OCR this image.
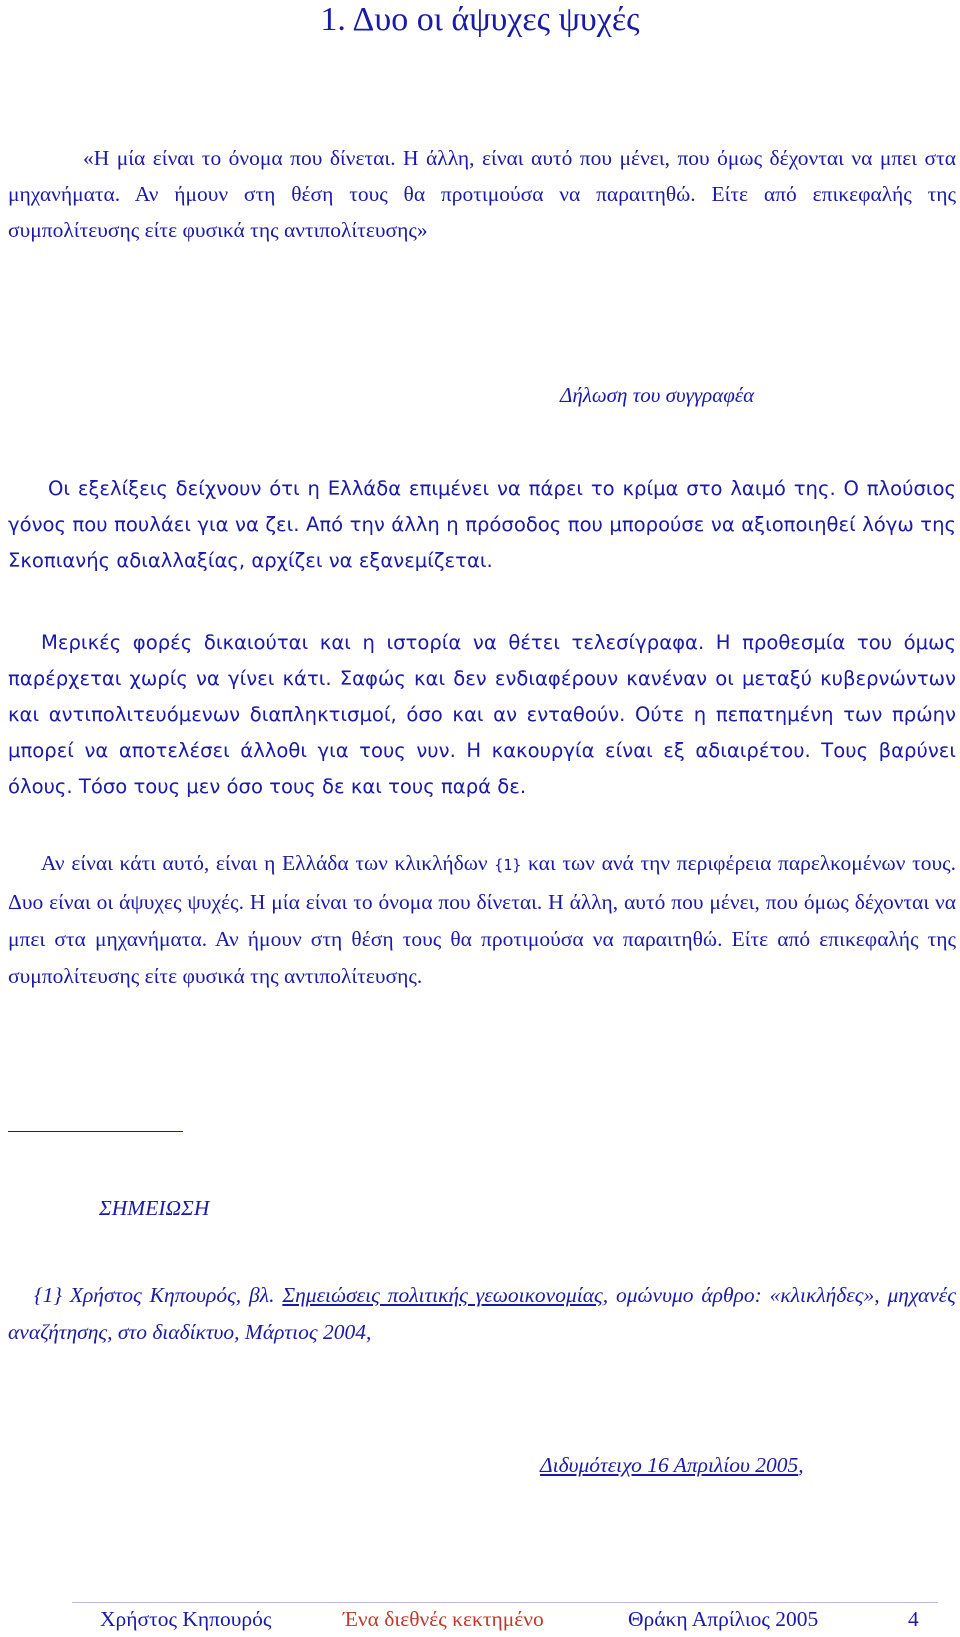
1. Δυο οι άψυχες ψυχές

«Η μία είναι το όνομα που δίνεται. Η άλλη, είναι αυτό που μένει, που όμως δέχονται να μπει στα μηχανήματα. Αν ήμουν στη θέση τους θα προτιμούσα να παραιτηθώ. Είτε από επικεφαλής της συμπολίτευσης είτε φυσικά της αντιπολίτευσης»

Δήλωση του συγγραφέα

Οι εξελίξεις δείχνουν ότι η Ελλάδα επιμένει να πάρει το κρίμα στο λαιμό της. Ο πλούσιος γόνος που πουλάει για να ζει. Από την άλλη η πρόσοδος που μπορούσε να αξιοποιηθεί λόγω της Σκοπιανής αδιαλλαξίας, αρχίζει να εξανεμίζεται.

Μερικές φορές δικαιούται και η ιστορία να θέτει τελεσίγραφα. Η προθεσμία του όμως παρέρχεται χωρίς να γίνει κάτι. Σαφώς και δεν ενδιαφέρουν κανέναν οι μεταξύ κυβερνώντων και αντιπολιτευόμενων διαπληκτισμοί, όσο και αν ενταθούν. Ούτε η πεπατημένη των πρώην μπορεί να αποτελέσει άλλοθι για τους νυν. Η κακουργία είναι εξ αδιαιρέτου. Τους βαρύνει όλους. Τόσο τους μεν όσο τους δε και τους παρά δε.

Αν είναι κάτι αυτό, είναι η Ελλάδα των κλικλήδων {1} και των ανά την περιφέρεια παρελκομένων τους. Δυο είναι οι άψυχες ψυχές. Η μία είναι το όνομα που δίνεται. Η άλλη, αυτό που μένει, που όμως δέχονται να μπει στα μηχανήματα. Αν ήμουν στη θέση τους θα προτιμούσα να παραιτηθώ. Είτε από επικεφαλής της συμπολίτευσης είτε φυσικά της αντιπολίτευσης.

ΣΗΜΕΙΩΣΗ

{1} Χρήστος Κηπουρός, βλ. Σημειώσεις πολιτικής γεωοικονομίας, ομώνυμο άρθρο: «κλικλήδες», μηχανές αναζήτησης, στο διαδίκτυο, Μάρτιος 2004,

Διδυμότειχο 16 Απριλίου 2005,
Χρήστος Κηπουρός	Ένα διεθνές κεκτημένο	Θράκη Απρίλιος 2005	4
